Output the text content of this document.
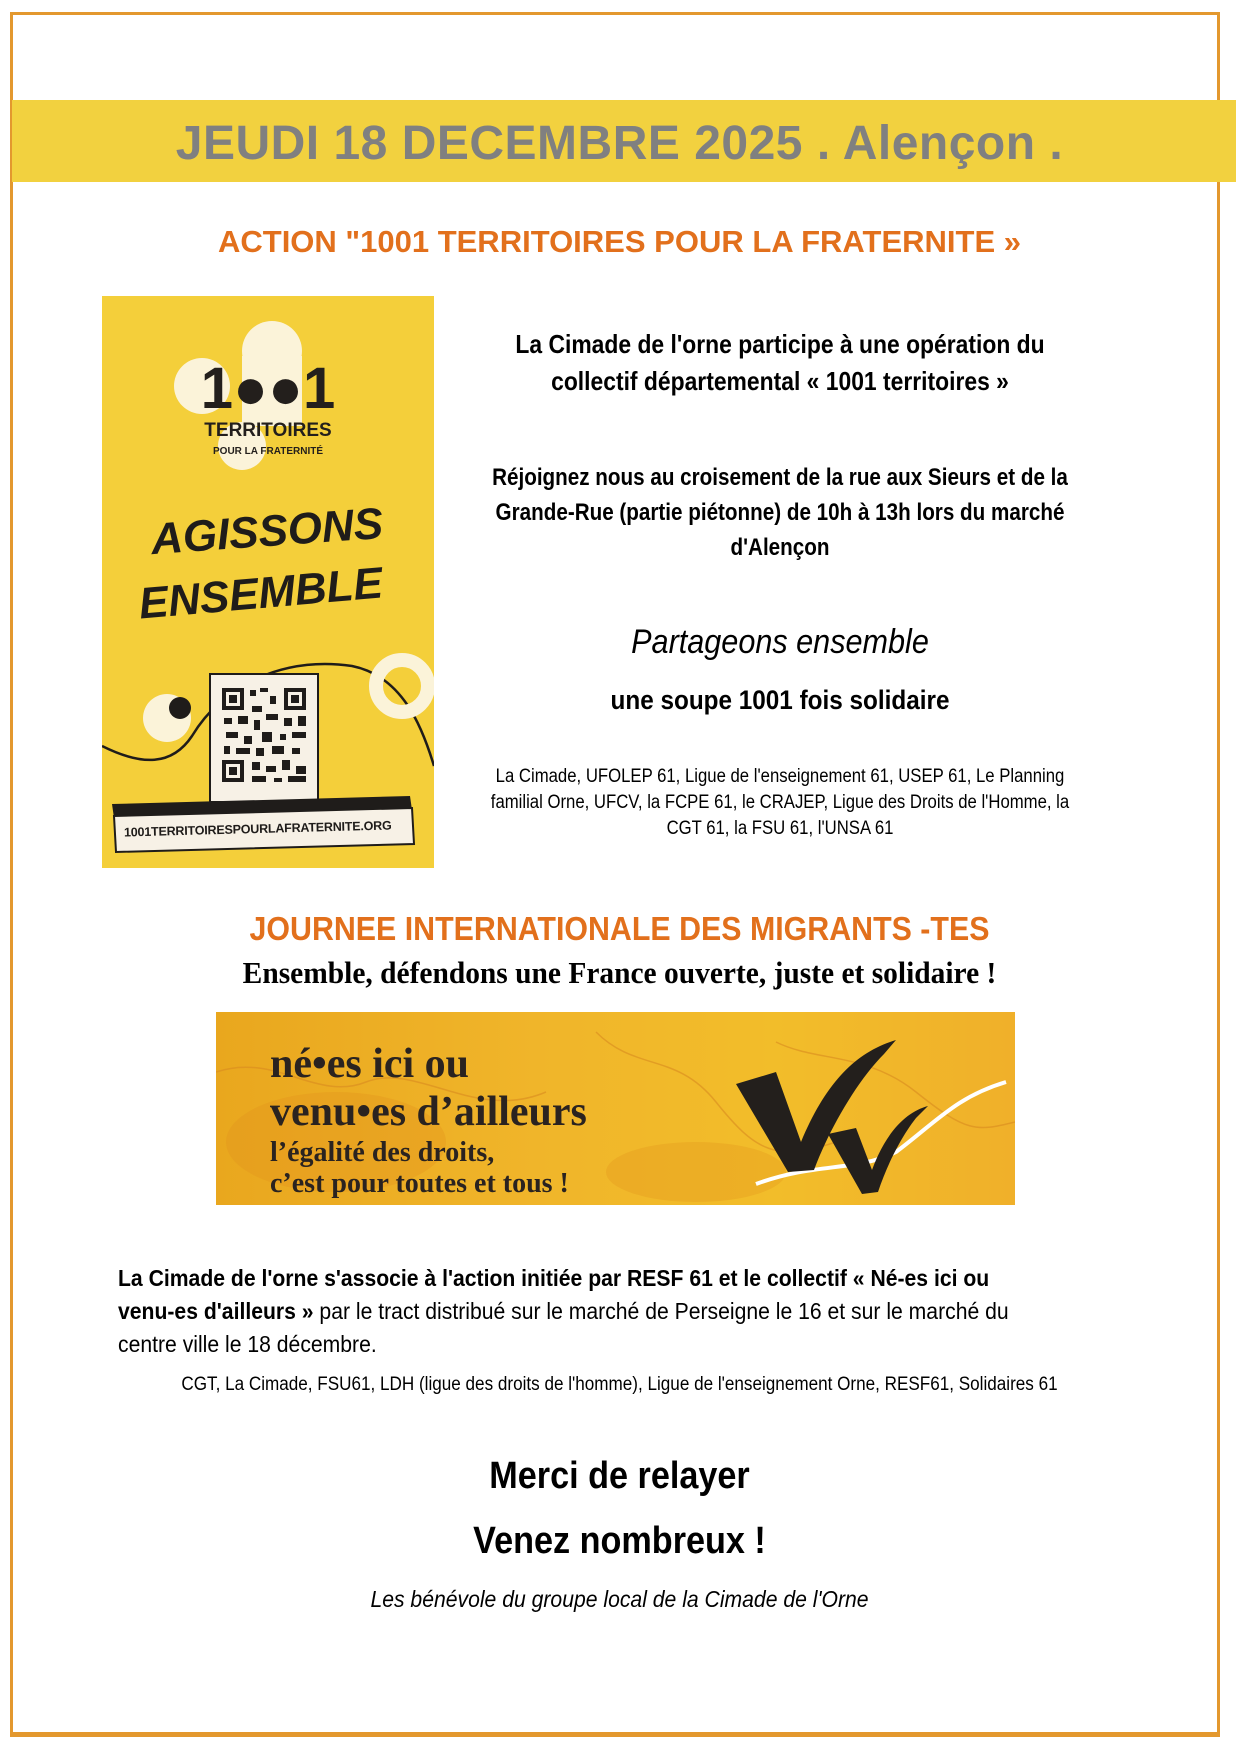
JEUDI 18 DECEMBRE 2025 . Alençon .
ACTION "1001 TERRITOIRES POUR LA FRATERNITE »
1●●1
TERRITOIRES
POUR LA FRATERNITÉ
AGISSONS
ENSEMBLE
1001TERRITOIRESPOURLAFRATERNITE.ORG
La Cimade de l'orne participe à une opération du collectif départemental « 1001 territoires »
Réjoignez nous au croisement de la rue aux Sieurs et de la Grande-Rue (partie piétonne) de 10h à 13h lors du marché d'Alençon
Partageons ensemble
une soupe 1001 fois solidaire
La Cimade, UFOLEP 61, Ligue de l'enseignement 61, USEP 61, Le Planning familial Orne, UFCV, la FCPE 61, le CRAJEP, Ligue des Droits de l'Homme, la CGT 61, la FSU 61, l'UNSA 61
JOURNEE INTERNATIONALE DES MIGRANTS -TES
Ensemble, défendons une France ouverte, juste et solidaire !
né•es ici ou
venu•es d’ailleurs
l’égalité des droits,
c’est pour toutes et tous !
La Cimade de l'orne s'associe à l'action initiée par RESF 61 et le collectif « Né-es ici ou venu-es d'ailleurs » par le tract distribué sur le marché de Perseigne le 16 et sur le marché du centre ville le 18 décembre.
CGT, La Cimade, FSU61, LDH (ligue des droits de l'homme), Ligue de l'enseignement Orne, RESF61, Solidaires 61
Merci de relayer
Venez nombreux !
Les bénévole du groupe local de la Cimade de l'Orne
